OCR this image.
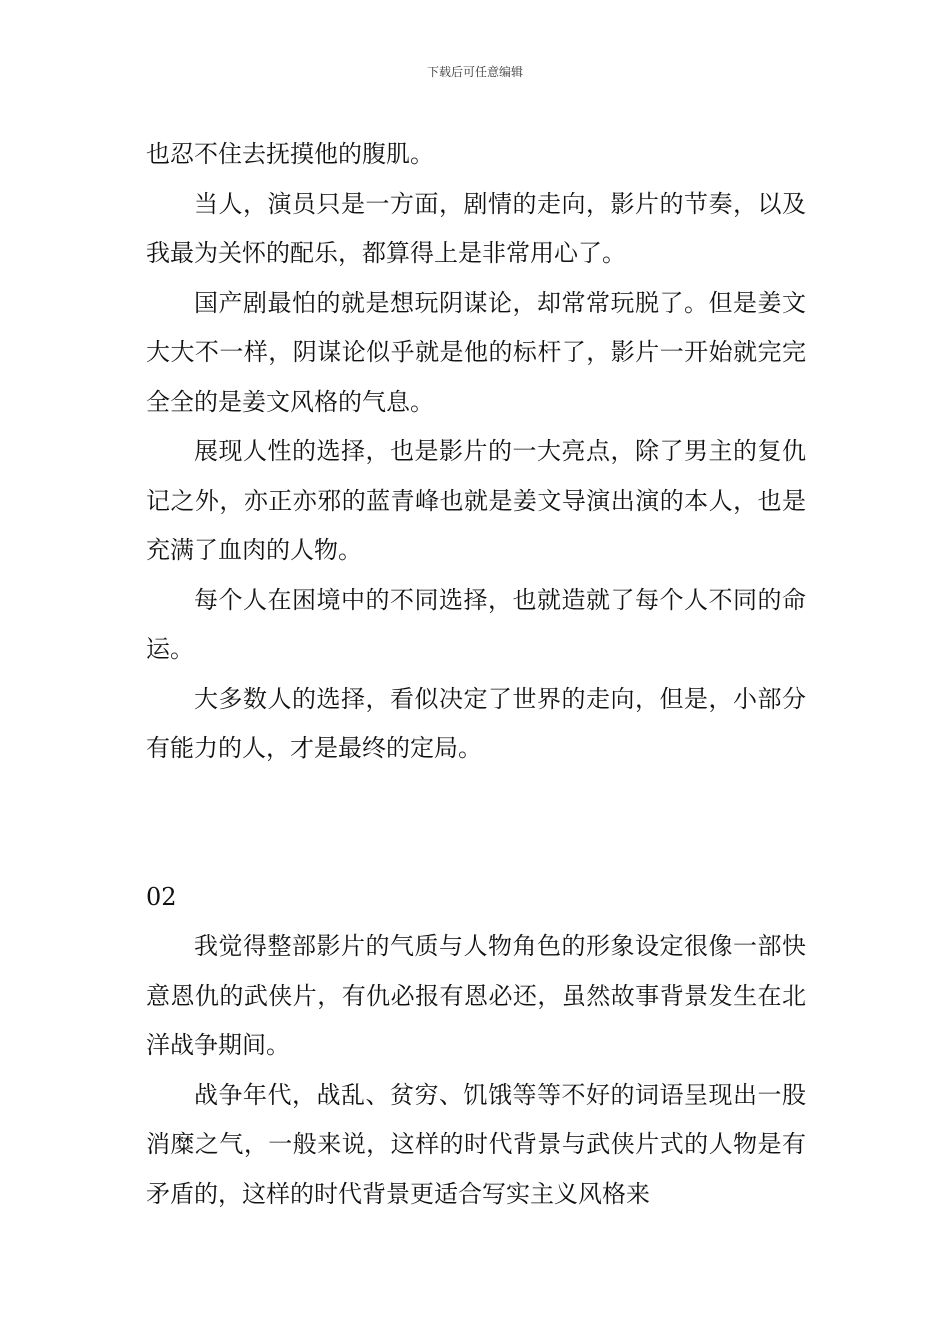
下载后可任意编辑

也忍不住去抚摸他的腹肌。

当人，演员只是一方面，剧情的走向，影片的节奏，以及我最为关怀的配乐，都算得上是非常用心了。

国产剧最怕的就是想玩阴谋论，却常常玩脱了。但是姜文大大不一样，阴谋论似乎就是他的标杆了，影片一开始就完完全全的是姜文风格的气息。

展现人性的选择，也是影片的一大亮点，除了男主的复仇记之外，亦正亦邪的蓝青峰也就是姜文导演出演的本人，也是充满了血肉的人物。

每个人在困境中的不同选择，也就造就了每个人不同的命运。

大多数人的选择，看似决定了世界的走向，但是，小部分有能力的人，才是最终的定局。

02

我觉得整部影片的气质与人物角色的形象设定很像一部快意恩仇的武侠片，有仇必报有恩必还，虽然故事背景发生在北洋战争期间。

战争年代，战乱、贫穷、饥饿等等不好的词语呈现出一股消糜之气，一般来说，这样的时代背景与武侠片式的人物是有矛盾的，这样的时代背景更适合写实主义风格来
